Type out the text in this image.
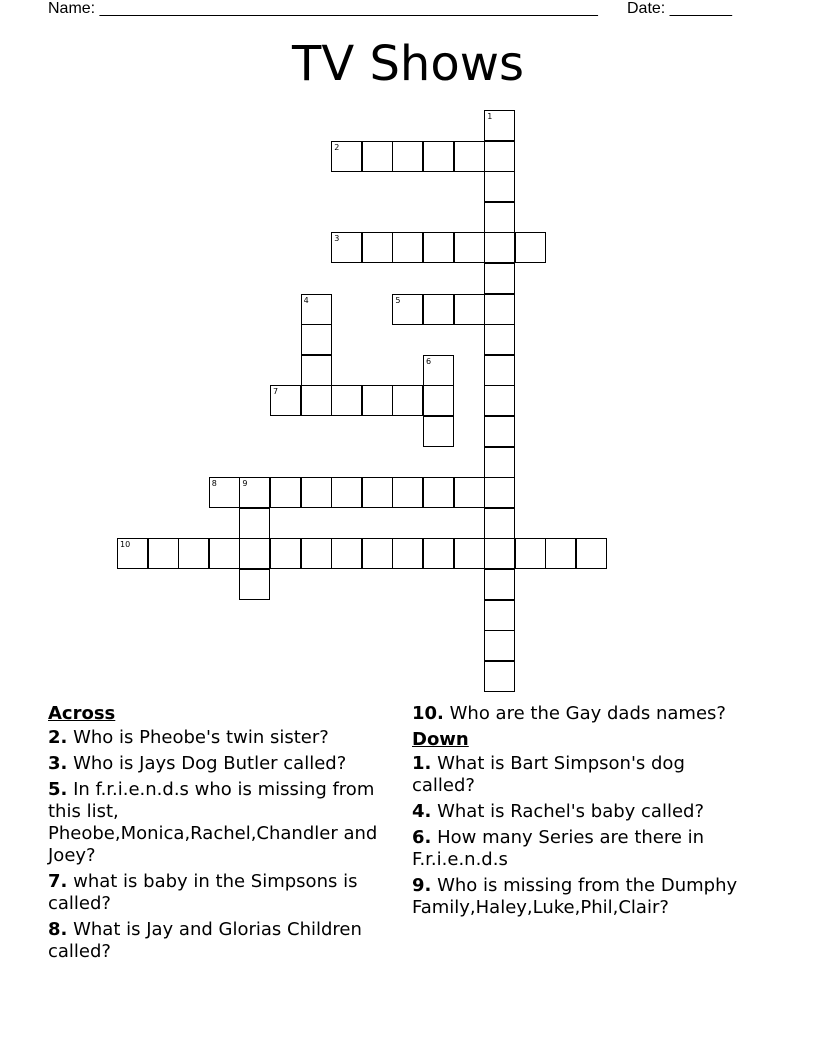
Name: ________________________________________________________ Date: _______
TV Shows
1
2
3
4	5
6
7
8	9
10
Across
2. Who is Pheobe's twin sister?
3. Who is Jays Dog Butler called?
5. In f.r.i.e.n.d.s who is missing from this list, Pheobe,Monica,Rachel,Chandler and Joey?
7. what is baby in the Simpsons is called?
8. What is Jay and Glorias Children called?
10. Who are the Gay dads names?
Down
1. What is Bart Simpson's dog called?
4. What is Rachel's baby called?
6. How many Series are there in F.r.i.e.n.d.s
9. Who is missing from the Dumphy Family,Haley,Luke,Phil,Clair?
